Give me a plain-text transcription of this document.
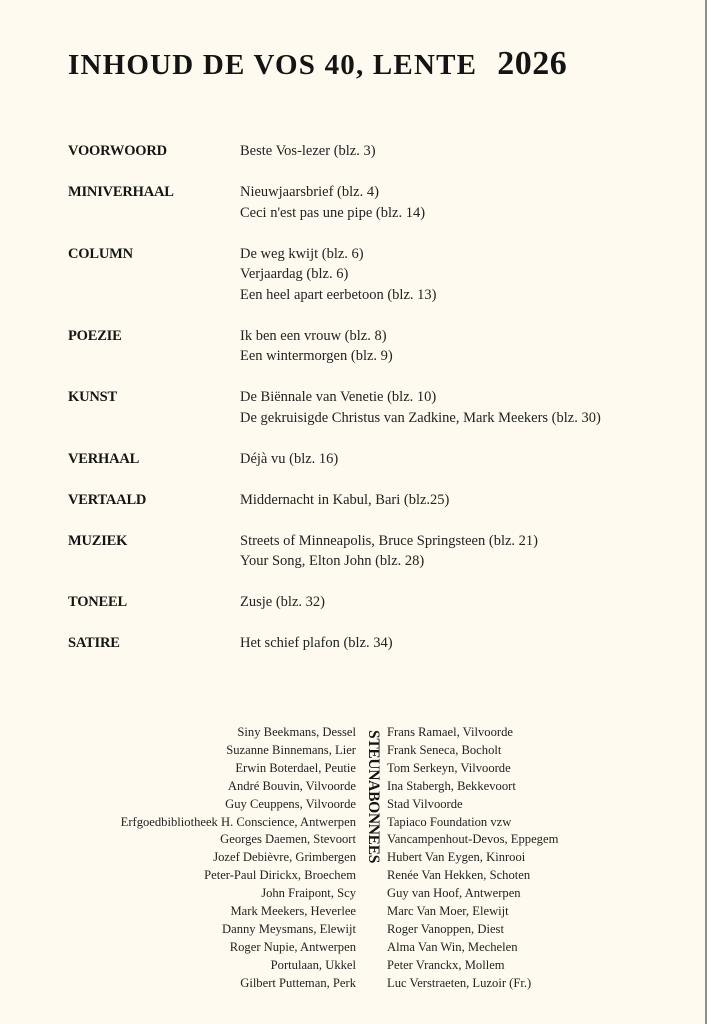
INHOUD DE VOS 40, LENTE 2026
VOORWOORD	Beste Vos-lezer (blz. 3)
MINIVERHAAL	Nieuwjaarsbrief (blz. 4)
Ceci n'est pas une pipe (blz. 14)
COLUMN	De weg kwijt (blz. 6)
Verjaardag (blz. 6)
Een heel apart eerbetoon (blz. 13)
POEZIE	Ik ben een vrouw (blz. 8)
Een wintermorgen (blz. 9)
KUNST	De Biënnale van Venetie (blz. 10)
De gekruisigde Christus van Zadkine, Mark Meekers (blz. 30)
VERHAAL	Déjà vu (blz. 16)
VERTAALD	Middernacht in Kabul, Bari (blz.25)
MUZIEK	Streets of Minneapolis, Bruce Springsteen (blz. 21)
Your Song, Elton John (blz. 28)
TONEEL	Zusje (blz. 32)
SATIRE	Het schief plafon (blz. 34)
Siny Beekmans, Dessel
Suzanne Binnemans, Lier
Erwin Boterdael, Peutie
André Bouvin, Vilvoorde
Guy Ceuppens, Vilvoorde
Erfgoedbibliotheek H. Conscience, Antwerpen
Georges Daemen, Stevoort
Jozef Debièvre, Grimbergen
Peter-Paul Dirickx, Broechem
John Fraipont, Scy
Mark Meekers, Heverlee
Danny Meysmans, Elewijt
Roger Nupie, Antwerpen
Portulaan, Ukkel
Gilbert Putteman, Perk
STEUNABONNEES Frans Ramael, Vilvoorde
Frank Seneca, Bocholt
Tom Serkeyn, Vilvoorde
Ina Stabergh, Bekkevoort
Stad Vilvoorde
Tapiaco Foundation vzw
Vancampenhout-Devos, Eppegem
Hubert Van Eygen, Kinrooi
Renée Van Hekken, Schoten
Guy van Hoof, Antwerpen
Marc Van Moer, Elewijt
Roger Vanoppen, Diest
Alma Van Win, Mechelen
Peter Vranckx, Mollem
Luc Verstraeten, Luzoir (Fr.)
